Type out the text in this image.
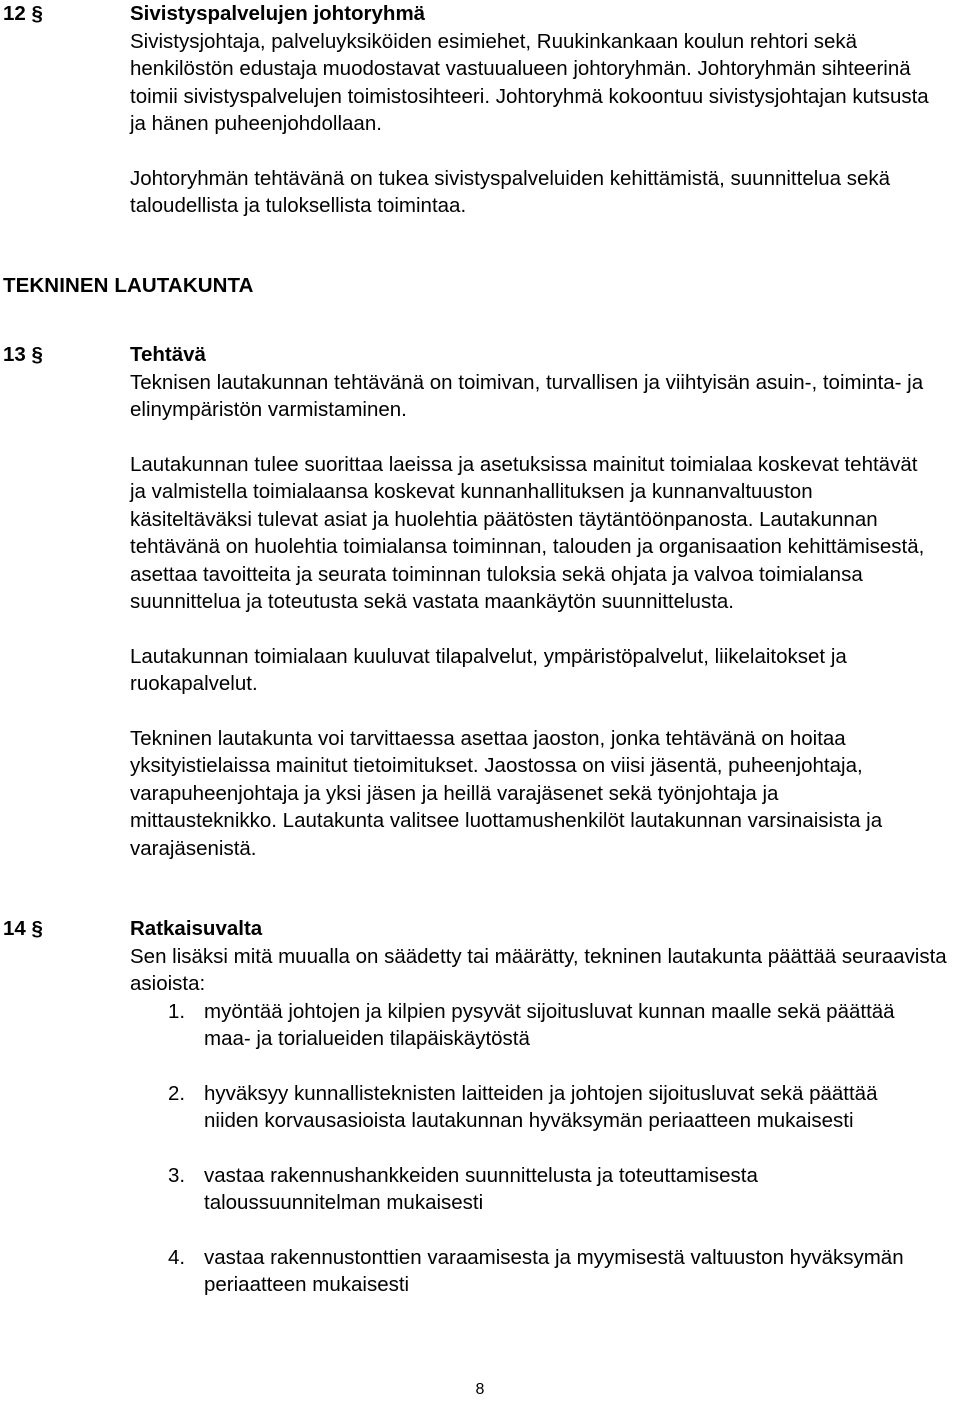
12 §	Sivistyspalvelujen johtoryhmä

Sivistysjohtaja, palveluyksiköiden esimiehet, Ruukinkankaan koulun rehtori sekä henkilöstön edustaja muodostavat vastuualueen johtoryhmän. Johtoryhmän sihteerinä toimii sivistyspalvelujen toimistosihteeri. Johtoryhmä kokoontuu sivistysjohtajan kutsusta ja hänen puheenjohdollaan.

Johtoryhmän tehtävänä on tukea sivistyspalveluiden kehittämistä, suunnittelua sekä taloudellista ja tuloksellista toimintaa.

TEKNINEN LAUTAKUNTA
13 §	Tehtävä

Teknisen lautakunnan tehtävänä on toimivan, turvallisen ja viihtyisän asuin-, toiminta- ja elinympäristön varmistaminen.

Lautakunnan tulee suorittaa laeissa ja asetuksissa mainitut toimialaa koskevat tehtävät ja valmistella toimialaansa koskevat kunnanhallituksen ja kunnanvaltuuston käsiteltäväksi tulevat asiat ja huolehtia päätösten täytäntöönpanosta. Lautakunnan tehtävänä on huolehtia toimialansa toiminnan, talouden ja organisaation kehittämisestä, asettaa tavoitteita ja seurata toiminnan tuloksia sekä ohjata ja valvoa toimialansa suunnittelua ja toteutusta sekä vastata maankäytön suunnittelusta.

Lautakunnan toimialaan kuuluvat tilapalvelut, ympäristöpalvelut, liikelaitokset ja ruokapalvelut.

Tekninen lautakunta voi tarvittaessa asettaa jaoston, jonka tehtävänä on hoitaa yksityistielaissa mainitut tietoimitukset. Jaostossa on viisi jäsentä, puheenjohtaja, varapuheenjohtaja ja yksi jäsen ja heillä varajäsenet sekä työnjohtaja ja mittausteknikko. Lautakunta valitsee luottamushenkilöt lautakunnan varsinaisista ja varajäsenistä.

14 §	Ratkaisuvalta

Sen lisäksi mitä muualla on säädetty tai määrätty, tekninen lautakunta päättää seuraavista asioista:

1. myöntää johtojen ja kilpien pysyvät sijoitusluvat kunnan maalle sekä päättää maa- ja torialueiden tilapäiskäytöstä
2. hyväksyy kunnallisteknisten laitteiden ja johtojen sijoitusluvat sekä päättää niiden korvausasioista lautakunnan hyväksymän periaatteen mukaisesti
3. vastaa rakennushankkeiden suunnittelusta ja toteuttamisesta taloussuunnitelman mukaisesti
4. vastaa rakennustonttien varaamisesta ja myymisestä valtuuston hyväksymän periaatteen mukaisesti
8
